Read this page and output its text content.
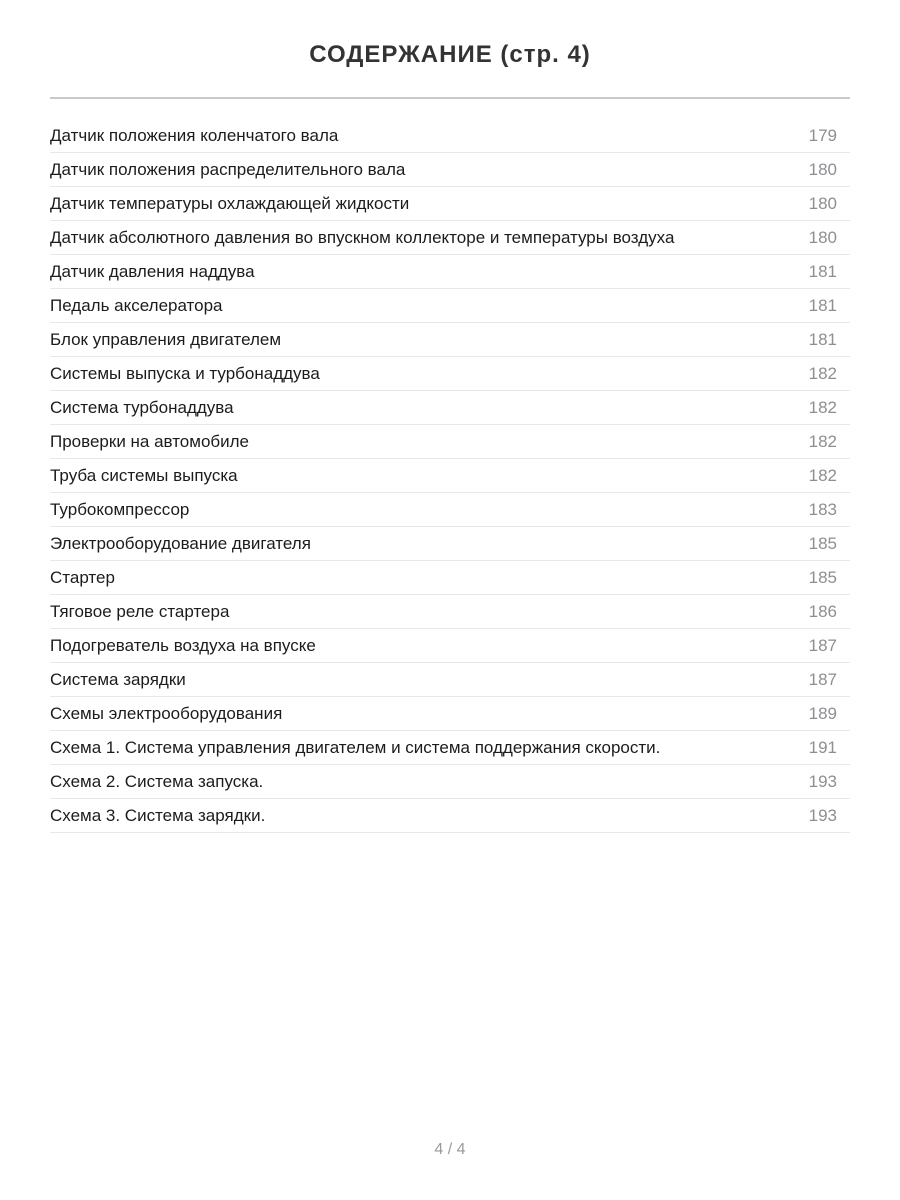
СОДЕРЖАНИЕ (стр. 4)
Датчик положения коленчатого вала	179
Датчик положения распределительного вала	180
Датчик температуры охлаждающей жидкости	180
Датчик абсолютного давления во впускном коллекторе и температуры воздуха	180
Датчик давления наддува	181
Педаль акселератора	181
Блок управления двигателем	181
Системы выпуска и турбонаддува	182
Система турбонаддува	182
Проверки на автомобиле	182
Труба системы выпуска	182
Турбокомпрессор	183
Электрооборудование двигателя	185
Стартер	185
Тяговое реле стартера	186
Подогреватель воздуха на впуске	187
Система зарядки	187
Схемы электрооборудования	189
Схема 1. Система управления двигателем и система поддержания скорости.	191
Схема 2. Система запуска.	193
Схема 3. Система зарядки.	193
4 / 4
